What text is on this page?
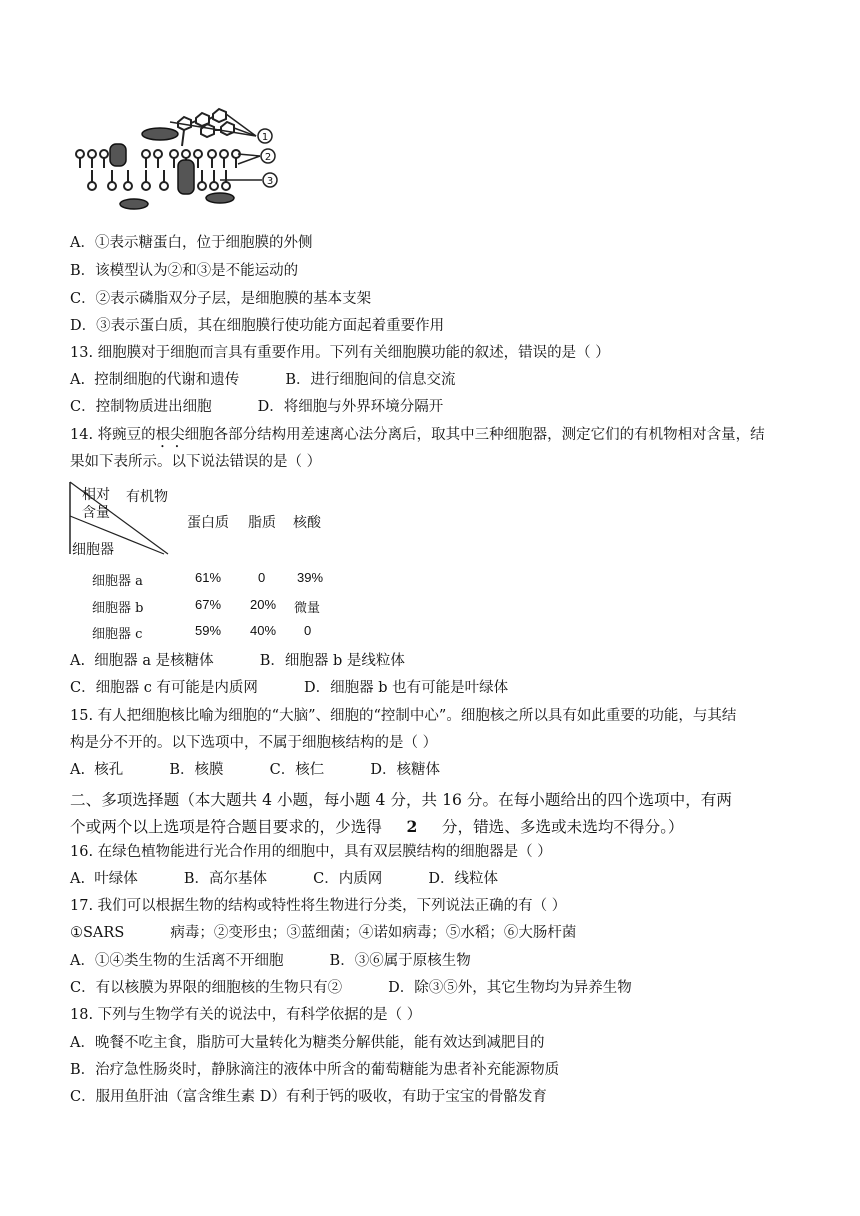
1
2
3
A．①表示糖蛋白，位于细胞膜的外侧
B．该模型认为②和③是不能运动的
C．②表示磷脂双分子层，是细胞膜的基本支架
D．③表示蛋白质，其在细胞膜行使功能方面起着重要作用
13. 细胞膜对于细胞而言具有重要作用。下列有关细胞膜功能的叙述，错误的是（ ）
A.  控制细胞的代谢和遗传          B．进行细胞间的信息交流
C．控制物质进出细胞          D．将细胞与外界环境分隔开
14. 将豌豆的根尖细胞各部分结构用差速离心法分离后，取其中三种细胞器，测定它们的有机物相对含量，结
果如下表所示。以下说法错误的是（ ）
相对
含量
有机物
细胞器
蛋白质 脂质 核酸
细胞器 a	61%	0 39%
细胞器 b	67% 20% 微量
细胞器 c	59% 40% 0
A.  细胞器 a 是核糖体          B．细胞器 b 是线粒体
C．细胞器 c 有可能是内质网          D．细胞器 b 也有可能是叶绿体
15. 有人把细胞核比喻为细胞的“大脑”、细胞的“控制中心”。细胞核之所以具有如此重要的功能，与其结
构是分不开的。以下选项中，不属于细胞核结构的是（ ）
A.  核孔          B．核膜          C．核仁          D．核糖体
二、多项选择题（本大题共 4 小题，每小题 4 分，共 16 分。在每小题给出的四个选项中，有两
个或两个以上选项是符合题目要求的，少选得 2 分，错选、多选或未选均不得分。）
16. 在绿色植物能进行光合作用的细胞中，具有双层膜结构的细胞器是（ ）
A.  叶绿体          B．高尔基体          C．内质网          D．线粒体
17. 我们可以根据生物的结构或特性将生物进行分类，下列说法正确的有（ ）
①SARS          病毒；②变形虫；③蓝细菌；④诺如病毒；⑤水稻；⑥大肠杆菌
A．①④类生物的生活离不开细胞          B．③⑥属于原核生物
C．有以核膜为界限的细胞核的生物只有②          D．除③⑤外，其它生物均为异养生物
18. 下列与生物学有关的说法中，有科学依据的是（ ）
A．晚餐不吃主食，脂肪可大量转化为糖类分解供能，能有效达到减肥目的
B．治疗急性肠炎时，静脉滴注的液体中所含的葡萄糖能为患者补充能源物质
C．服用鱼肝油（富含维生素 D）有利于钙的吸收，有助于宝宝的骨骼发育
